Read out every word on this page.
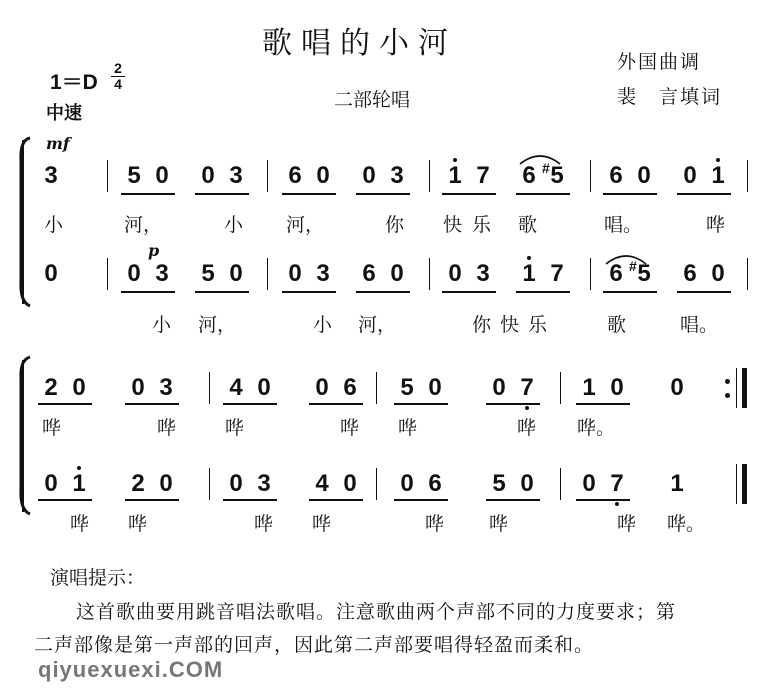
歌唱的小河
外国曲调
裴　言填词
1＝D
2
4
中速
二部轮唱
mf
p
3	5 0 0 3 6 0 0 3 1 7 6 # 5 6 0 0 1
小	河，	小 河，	你 快 乐 歌	唱。	哗
0	0 3 5 0 0 3 6 0 0 3 1 7 6 # 5 6 0
小 河，	小 河，	你 快 乐	歌	唱。
2 0 0 3 4 0 0 6 5 0 0 7 1 0 0
哗	哗	哗	哗 哗	哗 哗。
0 1 2 0 0 3 4 0 0 6 5 0 0 7 1
哗 哗	哗 哗	哗 哗	哗 哗。
演唱提示：
这首歌曲要用跳音唱法歌唱。注意歌曲两个声部不同的力度要求；第
二声部像是第一声部的回声，因此第二声部要唱得轻盈而柔和。
qiyuexuexi.COM
